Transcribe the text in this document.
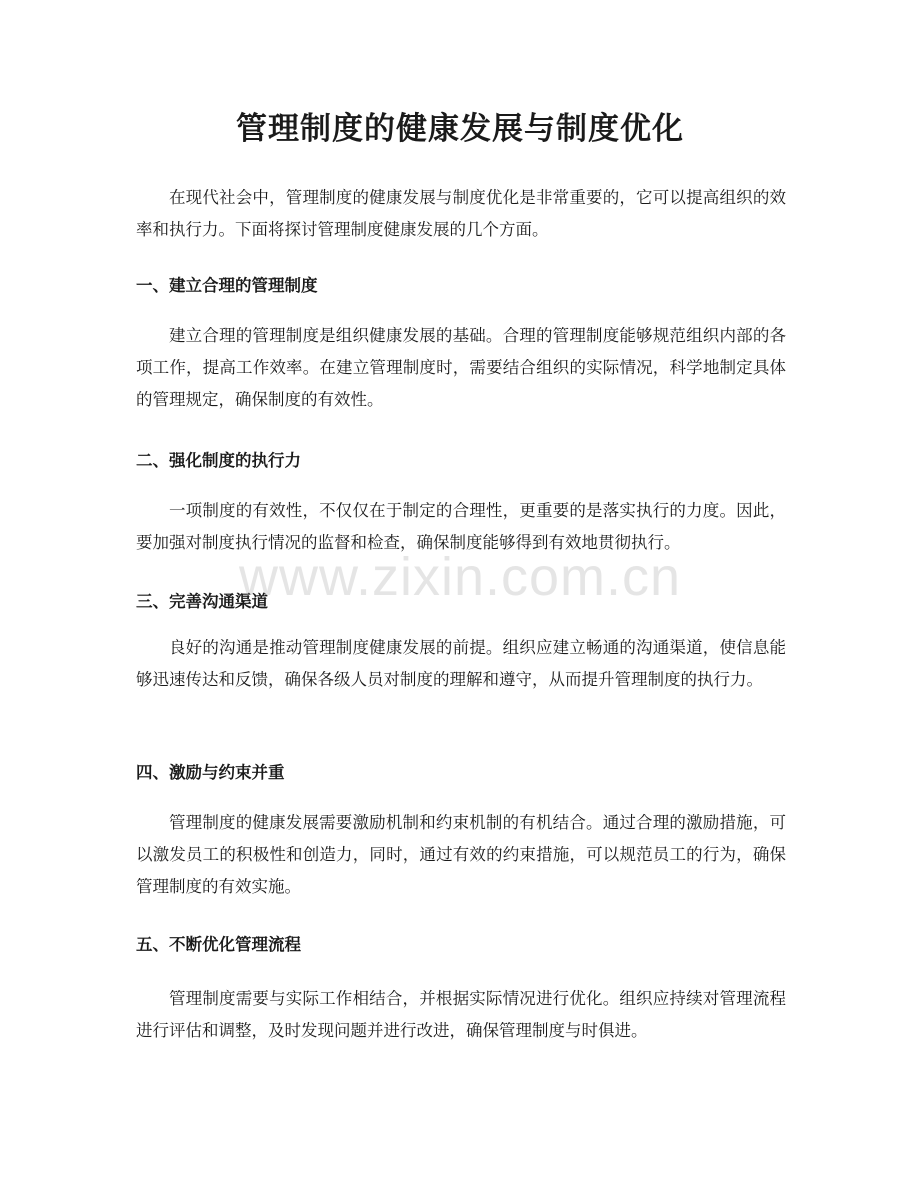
管理制度的健康发展与制度优化

在现代社会中，管理制度的健康发展与制度优化是非常重要的，它可以提高组织的效率和执行力。下面将探讨管理制度健康发展的几个方面。

一、建立合理的管理制度

建立合理的管理制度是组织健康发展的基础。合理的管理制度能够规范组织内部的各项工作，提高工作效率。在建立管理制度时，需要结合组织的实际情况，科学地制定具体的管理规定，确保制度的有效性。

二、强化制度的执行力

一项制度的有效性，不仅仅在于制定的合理性，更重要的是落实执行的力度。因此，要加强对制度执行情况的监督和检查，确保制度能够得到有效地贯彻执行。

三、完善沟通渠道

良好的沟通是推动管理制度健康发展的前提。组织应建立畅通的沟通渠道，使信息能够迅速传达和反馈，确保各级人员对制度的理解和遵守，从而提升管理制度的执行力。

四、激励与约束并重

管理制度的健康发展需要激励机制和约束机制的有机结合。通过合理的激励措施，可以激发员工的积极性和创造力，同时，通过有效的约束措施，可以规范员工的行为，确保管理制度的有效实施。

五、不断优化管理流程

管理制度需要与实际工作相结合，并根据实际情况进行优化。组织应持续对管理流程进行评估和调整，及时发现问题并进行改进，确保管理制度与时俱进。

www.zixin.com.cn
